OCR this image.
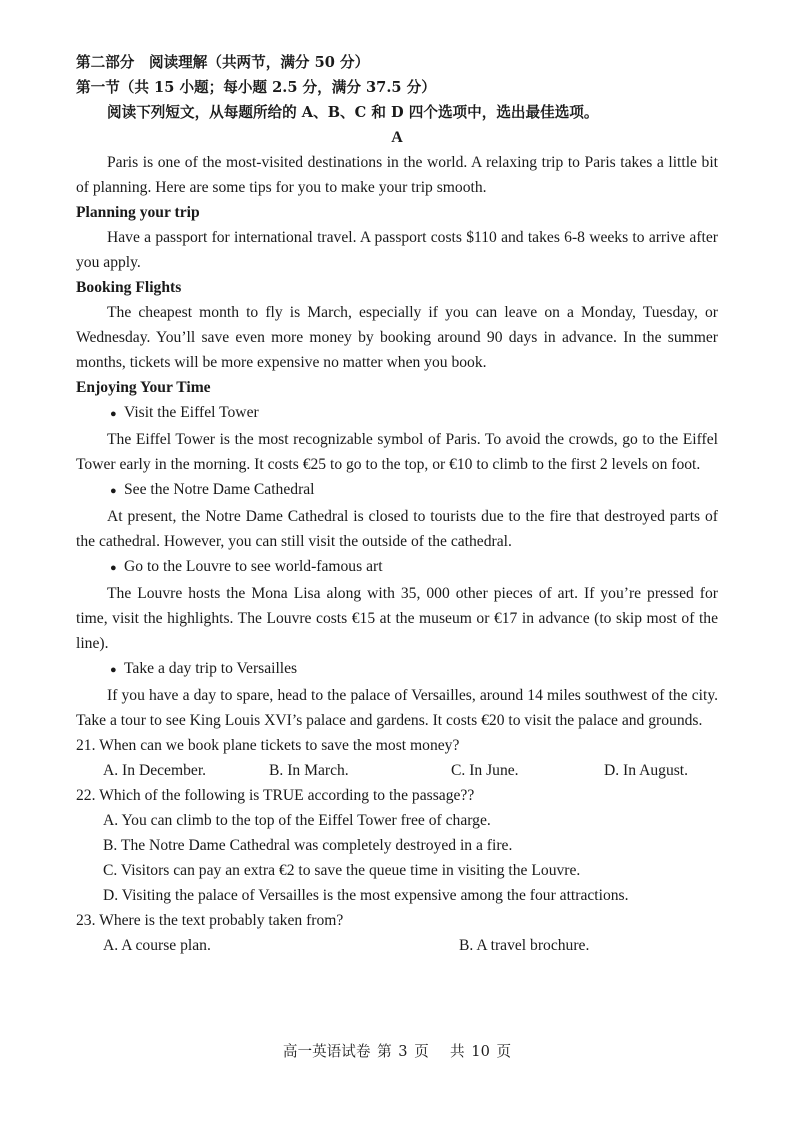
第二部分　阅读理解（共两节，满分 50 分）
第一节（共 15 小题；每小题 2.5 分，满分 37.5 分）
阅读下列短文，从每题所给的 A、B、C 和 D 四个选项中，选出最佳选项。
A

Paris is one of the most-visited destinations in the world. A relaxing trip to Paris takes a little bit of planning. Here are some tips for you to make your trip smooth.

Planning your trip

Have a passport for international travel. A passport costs $110 and takes 6-8 weeks to arrive after you apply.

Booking Flights

The cheapest month to fly is March, especially if you can leave on a Monday, Tuesday, or Wednesday. You’ll save even more money by booking around 90 days in advance. In the summer months, tickets will be more expensive no matter when you book.

Enjoying Your Time
● Visit the Eiffel Tower

The Eiffel Tower is the most recognizable symbol of Paris. To avoid the crowds, go to the Eiffel Tower early in the morning. It costs €25 to go to the top, or €10 to climb to the first 2 levels on foot.

● See the Notre Dame Cathedral

At present, the Notre Dame Cathedral is closed to tourists due to the fire that destroyed parts of the cathedral. However, you can still visit the outside of the cathedral.

● Go to the Louvre to see world-famous art

The Louvre hosts the Mona Lisa along with 35, 000 other pieces of art. If you’re pressed for time, visit the highlights. The Louvre costs €15 at the museum or €17 in advance (to skip most of the line).

● Take a day trip to Versailles

If you have a day to spare, head to the palace of Versailles, around 14 miles southwest of the city. Take a tour to see King Louis XVI’s palace and gardens. It costs €20 to visit the palace and grounds.

21. When can we book plane tickets to save the most money?
A. In December.	B. In March.	C. In June.	D. In August.
22. Which of the following is TRUE according to the passage??
A. You can climb to the top of the Eiffel Tower free of charge.
B. The Notre Dame Cathedral was completely destroyed in a fire.
C. Visitors can pay an extra €2 to save the queue time in visiting the Louvre.
D. Visiting the palace of Versailles is the most expensive among the four attractions.
23. Where is the text probably taken from?
A. A course plan.	B. A travel brochure.
高一英语试卷 第 3 页　 共 10 页
